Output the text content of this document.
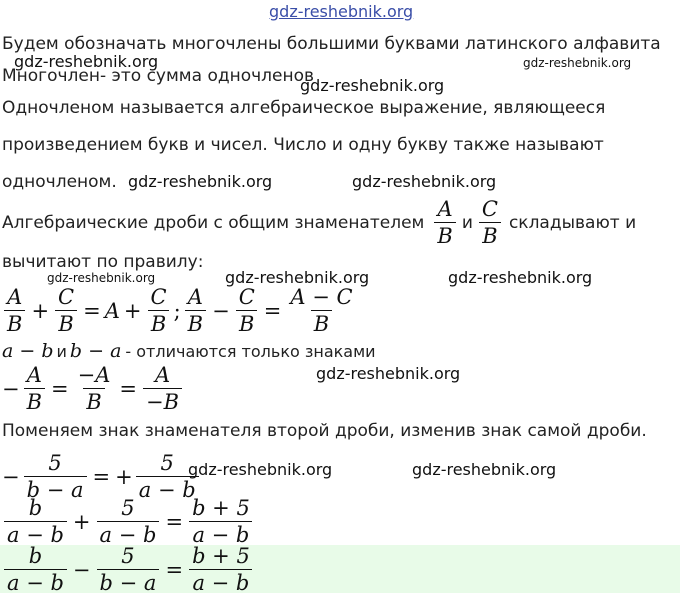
gdz-reshebnik.org
gdz-reshebnik.org	gdz-reshebnik.org
gdz-reshebnik.org
gdz-reshebnik.org	gdz-reshebnik.org
gdz-reshebnik.org	gdz-reshebnik.org	gdz-reshebnik.org
gdz-reshebnik.org
gdz-reshebnik.org	gdz-reshebnik.org
Будем обозначать многочлены большими буквами латинского алфавита
Многочлен- это сумма одночленов
Одночленом называется алгебраическое выражение, являющееся
произведением букв и чисел. Число и одну букву также называют
одночленом.
Алгебраические дроби с общим знаменателем $\frac{A}{B}$ и $\frac{C}{B}$ складывают и
вычитают по правилу:
$\frac{A}{B} + \frac{C}{B} = A + \frac{C}{B}$ ; $\frac{A}{B} - \frac{C}{B} = \frac{A - C}{B}$
a − b и b − a - отличаются только знаками
− $\frac{A}{B} = \frac{-A}{B} = \frac{A}{-B}$
Поменяем знак знаменателя второй дроби, изменив знак самой дроби.
− $\frac{5}{b - a}$ = + $\frac{5}{a - b}$
$\frac{b}{a - b} + \frac{5}{a - b} = \frac{b + 5}{a - b}$
$\frac{b}{a - b} - \frac{5}{b - a} = \frac{b + 5}{a - b}$
